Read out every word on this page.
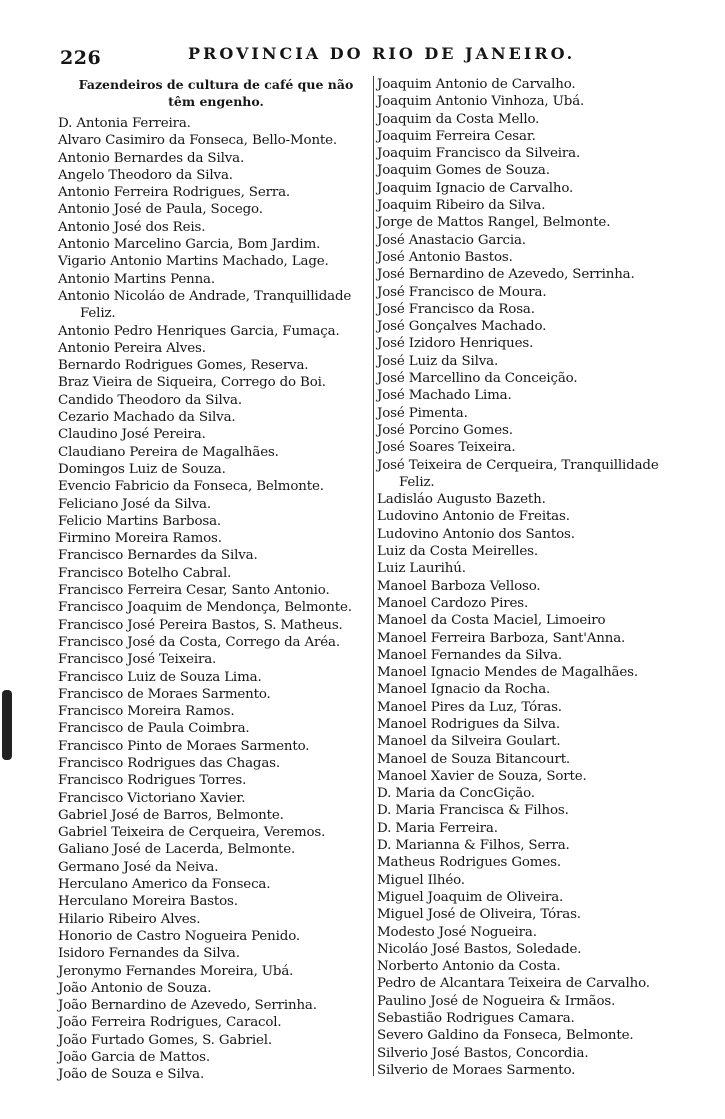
226	PROVINCIA DO RIO DE JANEIRO.
Fazendeiros de cultura de café que não
têm engenho.
D. Antonia Ferreira.
Alvaro Casimiro da Fonseca, Bello-Monte.
Antonio Bernardes da Silva.
Angelo Theodoro da Silva.
Antonio Ferreira Rodrigues, Serra.
Antonio José de Paula, Socego.
Antonio José dos Reis.
Antonio Marcelino Garcia, Bom Jardim.
Vigario Antonio Martins Machado, Lage.
Antonio Martins Penna.
Antonio Nicoláo de Andrade, Tranquillidade
Feliz.
Antonio Pedro Henriques Garcia, Fumaça.
Antonio Pereira Alves.
Bernardo Rodrigues Gomes, Reserva.
Braz Vieira de Siqueira, Corrego do Boi.
Candido Theodoro da Silva.
Cezario Machado da Silva.
Claudino José Pereira.
Claudiano Pereira de Magalhães.
Domingos Luiz de Souza.
Evencio Fabricio da Fonseca, Belmonte.
Feliciano José da Silva.
Felicio Martins Barbosa.
Firmino Moreira Ramos.
Francisco Bernardes da Silva.
Francisco Botelho Cabral.
Francisco Ferreira Cesar, Santo Antonio.
Francisco Joaquim de Mendonça, Belmonte.
Francisco José Pereira Bastos, S. Matheus.
Francisco José da Costa, Corrego da Aréa.
Francisco José Teixeira.
Francisco Luiz de Souza Lima.
Francisco de Moraes Sarmento.
Francisco Moreira Ramos.
Francisco de Paula Coimbra.
Francisco Pinto de Moraes Sarmento.
Francisco Rodrigues das Chagas.
Francisco Rodrigues Torres.
Francisco Victoriano Xavier.
Gabriel José de Barros, Belmonte.
Gabriel Teixeira de Cerqueira, Veremos.
Galiano José de Lacerda, Belmonte.
Germano José da Neiva.
Herculano Americo da Fonseca.
Herculano Moreira Bastos.
Hilario Ribeiro Alves.
Honorio de Castro Nogueira Penido.
Isidoro Fernandes da Silva.
Jeronymo Fernandes Moreira, Ubá.
João Antonio de Souza.
João Bernardino de Azevedo, Serrinha.
João Ferreira Rodrigues, Caracol.
João Furtado Gomes, S. Gabriel.
João Garcia de Mattos.
João de Souza e Silva.
Joaquim Antonio de Carvalho.
Joaquim Antonio Vinhoza, Ubá.
Joaquim da Costa Mello.
Joaquim Ferreira Cesar.
Joaquim Francisco da Silveira.
Joaquim Gomes de Souza.
Joaquim Ignacio de Carvalho.
Joaquim Ribeiro da Silva.
Jorge de Mattos Rangel, Belmonte.
José Anastacio Garcia.
José Antonio Bastos.
José Bernardino de Azevedo, Serrinha.
José Francisco de Moura.
José Francisco da Rosa.
José Gonçalves Machado.
José Izidoro Henriques.
José Luiz da Silva.
José Marcellino da Conceição.
José Machado Lima.
José Pimenta.
José Porcino Gomes.
José Soares Teixeira.
José Teixeira de Cerqueira, Tranquillidade
Feliz.
Ladisláo Augusto Bazeth.
Ludovino Antonio de Freitas.
Ludovino Antonio dos Santos.
Luiz da Costa Meirelles.
Luiz Laurihú.
Manoel Barboza Velloso.
Manoel Cardozo Pires.
Manoel da Costa Maciel, Limoeiro
Manoel Ferreira Barboza, Sant'Anna.
Manoel Fernandes da Silva.
Manoel Ignacio Mendes de Magalhães.
Manoel Ignacio da Rocha.
Manoel Pires da Luz, Tóras.
Manoel Rodrigues da Silva.
Manoel da Silveira Goulart.
Manoel de Souza Bitancourt.
Manoel Xavier de Souza, Sorte.
D. Maria da ConcGição.
D. Maria Francisca & Filhos.
D. Maria Ferreira.
D. Marianna & Filhos, Serra.
Matheus Rodrigues Gomes.
Miguel Ilhéo.
Miguel Joaquim de Oliveira.
Miguel José de Oliveira, Tóras.
Modesto José Nogueira.
Nicoláo José Bastos, Soledade.
Norberto Antonio da Costa.
Pedro de Alcantara Teixeira de Carvalho.
Paulino José de Nogueira & Irmãos.
Sebastião Rodrigues Camara.
Severo Galdino da Fonseca, Belmonte.
Silverio José Bastos, Concordia.
Silverio de Moraes Sarmento.
